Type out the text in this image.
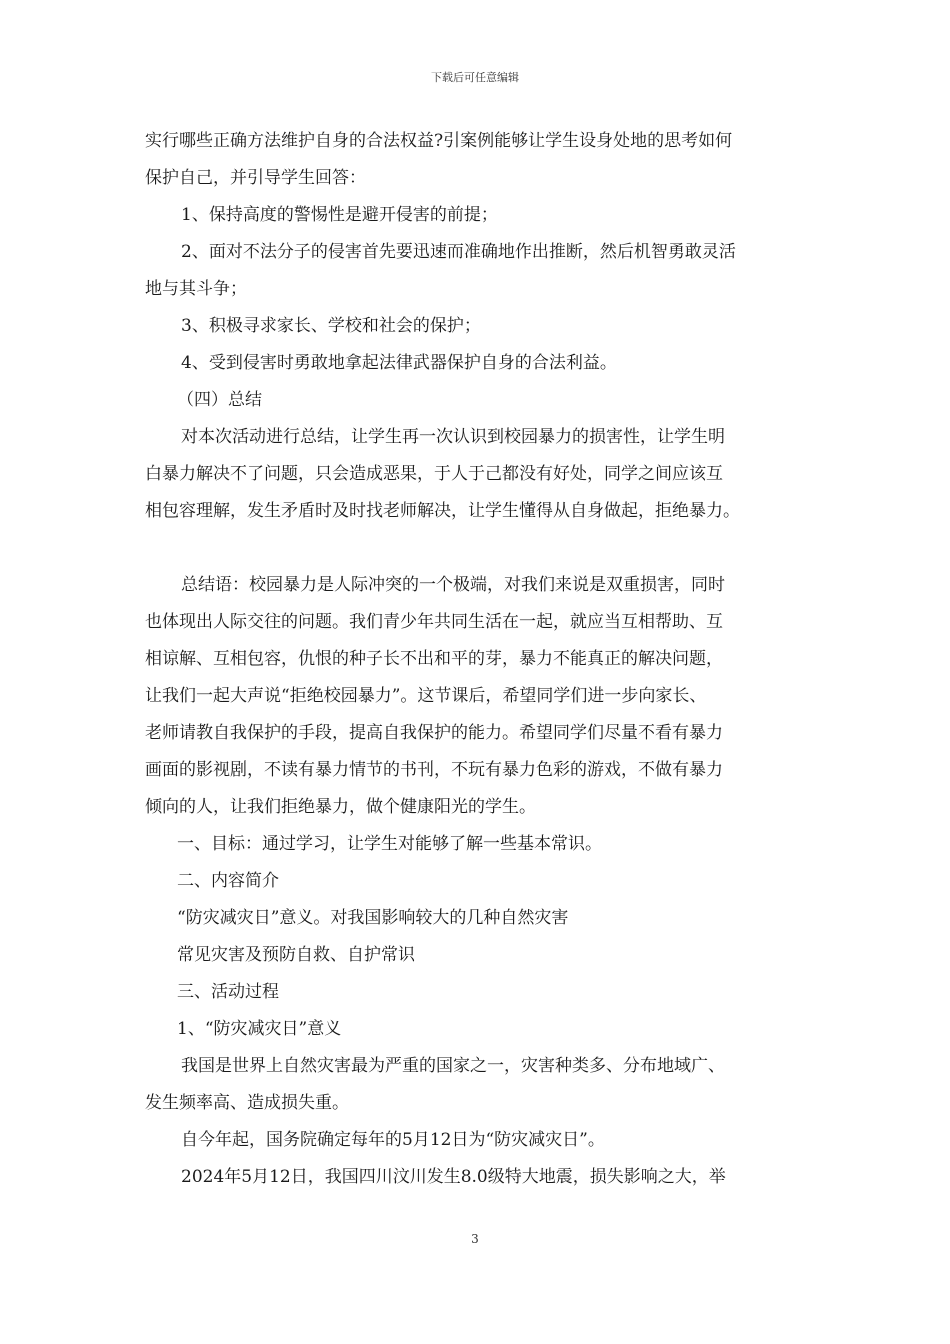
下载后可任意编辑
实行哪些正确方法维护自身的合法权益?引案例能够让学生设身处地的思考如何
保护自己，并引导学生回答：
1、保持高度的警惕性是避开侵害的前提；
2、面对不法分子的侵害首先要迅速而准确地作出推断，然后机智勇敢灵活
地与其斗争；
3、积极寻求家长、学校和社会的保护；
4、受到侵害时勇敢地拿起法律武器保护自身的合法利益。
（四）总结
对本次活动进行总结，让学生再一次认识到校园暴力的损害性，让学生明
白暴力解决不了问题，只会造成恶果，于人于己都没有好处，同学之间应该互
相包容理解，发生矛盾时及时找老师解决，让学生懂得从自身做起，拒绝暴力。
总结语：校园暴力是人际冲突的一个极端，对我们来说是双重损害，同时
也体现出人际交往的问题。我们青少年共同生活在一起，就应当互相帮助、互
相谅解、互相包容，仇恨的种子长不出和平的芽，暴力不能真正的解决问题，
让我们一起大声说“拒绝校园暴力”。这节课后，希望同学们进一步向家长、
老师请教自我保护的手段，提高自我保护的能力。希望同学们尽量不看有暴力
画面的影视剧，不读有暴力情节的书刊，不玩有暴力色彩的游戏，不做有暴力
倾向的人，让我们拒绝暴力，做个健康阳光的学生。
一、目标：通过学习，让学生对能够了解一些基本常识。
二、内容简介
“防灾减灾日”意义。对我国影响较大的几种自然灾害
常见灾害及预防自救、自护常识
三、活动过程
1、“防灾减灾日”意义
我国是世界上自然灾害最为严重的国家之一，灾害种类多、分布地域广、
发生频率高、造成损失重。
自今年起，国务院确定每年的5月12日为“防灾减灾日”。
2024年5月12日，我国四川汶川发生8.0级特大地震，损失影响之大，举
3
